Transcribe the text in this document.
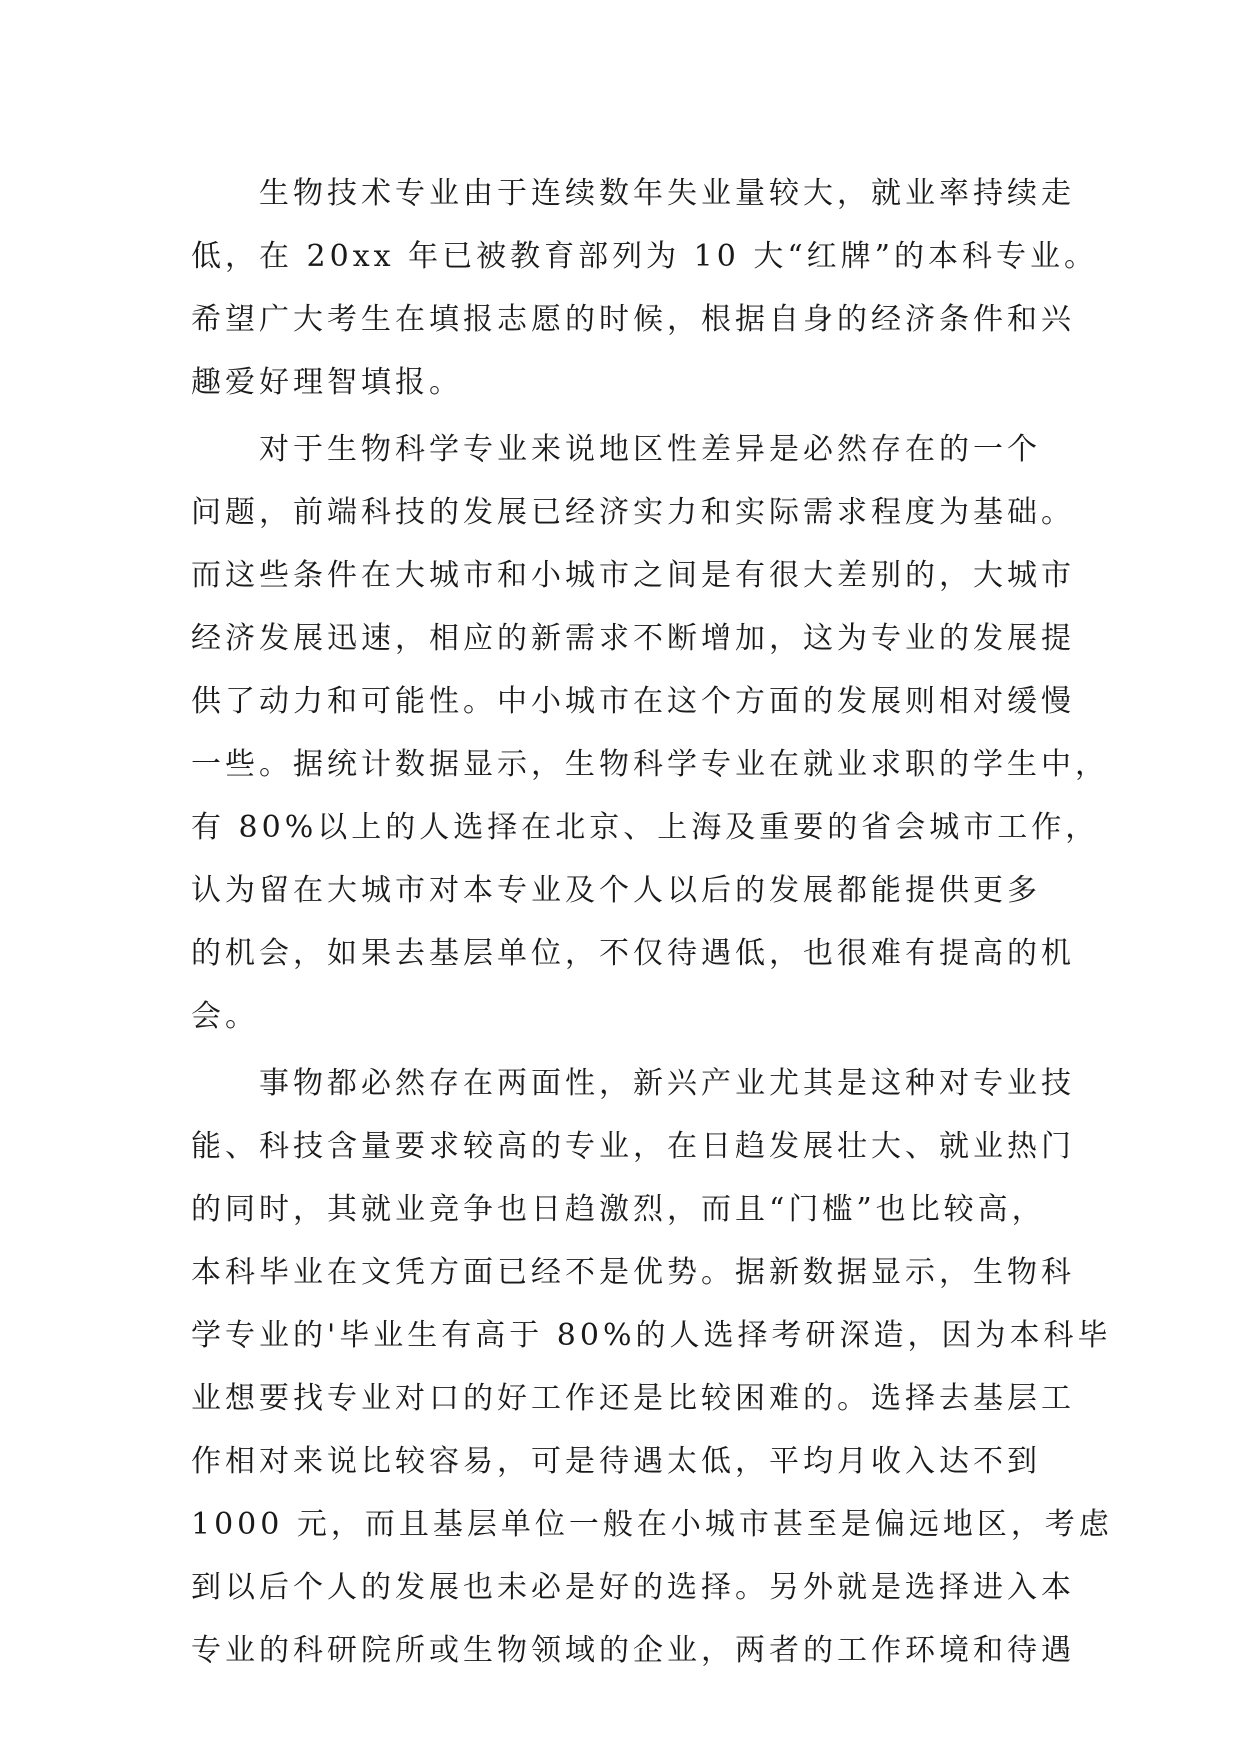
　　生物技术专业由于连续数年失业量较大，就业率持续走
低，在 20xx 年已被教育部列为 10 大“红牌”的本科专业。
希望广大考生在填报志愿的时候，根据自身的经济条件和兴
趣爱好理智填报。
　　对于生物科学专业来说地区性差异是必然存在的一个
问题，前端科技的发展已经济实力和实际需求程度为基础。
而这些条件在大城市和小城市之间是有很大差别的，大城市
经济发展迅速，相应的新需求不断增加，这为专业的发展提
供了动力和可能性。中小城市在这个方面的发展则相对缓慢
一些。据统计数据显示，生物科学专业在就业求职的学生中，
有 80%以上的人选择在北京、上海及重要的省会城市工作，
认为留在大城市对本专业及个人以后的发展都能提供更多
的机会，如果去基层单位，不仅待遇低，也很难有提高的机
会。
　　事物都必然存在两面性，新兴产业尤其是这种对专业技
能、科技含量要求较高的专业，在日趋发展壮大、就业热门
的同时，其就业竞争也日趋激烈，而且“门槛”也比较高，
本科毕业在文凭方面已经不是优势。据新数据显示，生物科
学专业的'毕业生有高于 80%的人选择考研深造，因为本科毕
业想要找专业对口的好工作还是比较困难的。选择去基层工
作相对来说比较容易，可是待遇太低，平均月收入达不到
1000 元，而且基层单位一般在小城市甚至是偏远地区，考虑
到以后个人的发展也未必是好的选择。另外就是选择进入本
专业的科研院所或生物领域的企业，两者的工作环境和待遇
